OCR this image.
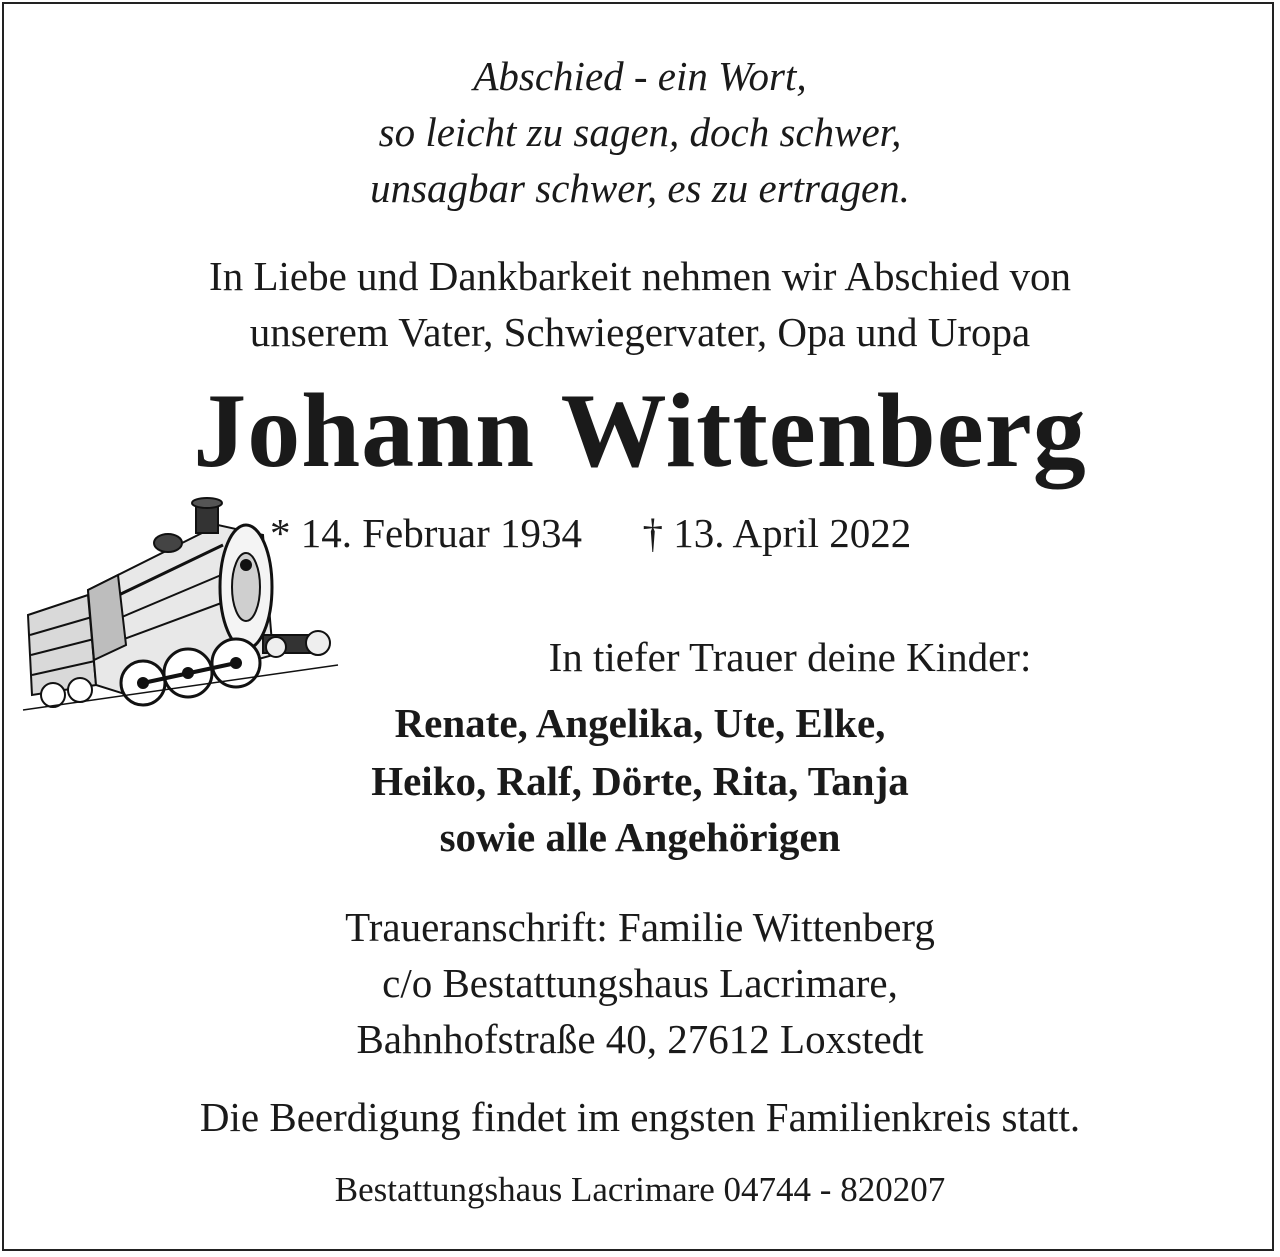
Abschied - ein Wort,
so leicht zu sagen, doch schwer,
unsagbar schwer, es zu ertragen.
In Liebe und Dankbarkeit nehmen wir Abschied von
unserem Vater, Schwiegervater, Opa und Uropa
Johann Wittenberg
* 14. Februar 1934 † 13. April 2022
In tiefer Trauer deine Kinder:
Renate, Angelika, Ute, Elke,
Heiko, Ralf, Dörte, Rita, Tanja
sowie alle Angehörigen
Traueranschrift: Familie Wittenberg
c/o Bestattungshaus Lacrimare,
Bahnhofstraße 40, 27612 Loxstedt
Die Beerdigung findet im engsten Familienkreis statt.
Bestattungshaus Lacrimare 04744 - 820207
